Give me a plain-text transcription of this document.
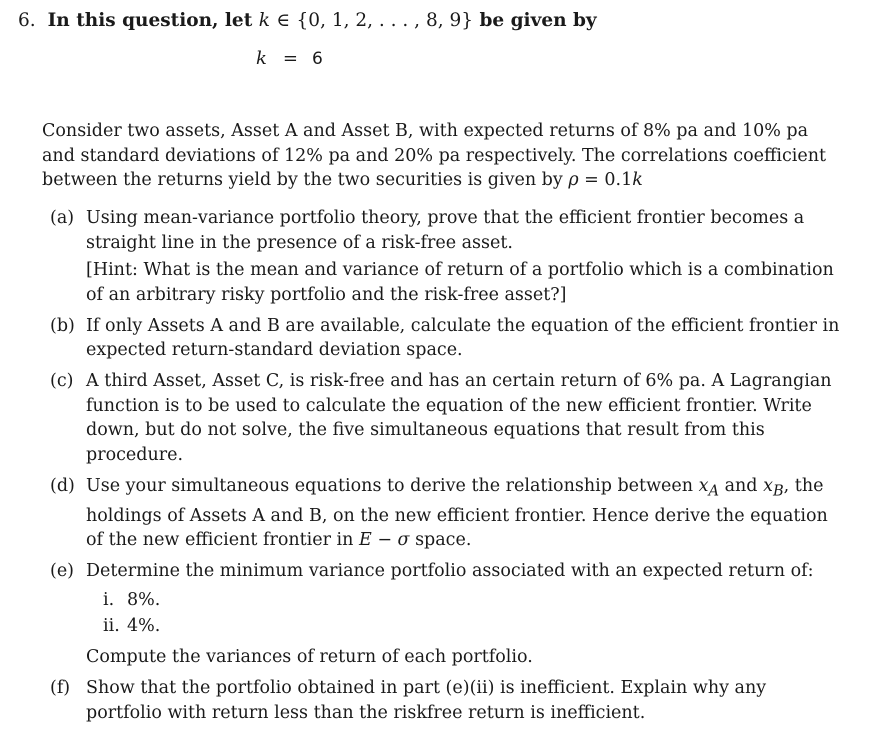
6. In this question, let k ∈ {0, 1, 2, . . . , 8, 9} be given by
k = 6

Consider two assets, Asset A and Asset B, with expected returns of 8% pa and 10% pa and standard deviations of 12% pa and 20% pa respectively. The correlations coefficient between the returns yield by the two securities is given by ρ = 0.1k

(a) Using mean-variance portfolio theory, prove that the efficient frontier becomes a straight line in the presence of a risk-free asset.
[Hint: What is the mean and variance of return of a portfolio which is a combination of an arbitrary risky portfolio and the risk-free asset?]
(b) If only Assets A and B are available, calculate the equation of the efficient frontier in expected return-standard deviation space.
(c) A third Asset, Asset C, is risk-free and has an certain return of 6% pa. A Lagrangian function is to be used to calculate the equation of the new efficient frontier. Write down, but do not solve, the five simultaneous equations that result from this procedure.
(d) Use your simultaneous equations to derive the relationship between $x_A$ and $x_B$, the holdings of Assets A and B, on the new efficient frontier. Hence derive the equation of the new efficient frontier in E − σ space.
(e) Determine the minimum variance portfolio associated with an expected return of:
i. 8%.
ii. 4%.
Compute the variances of return of each portfolio.
(f) Show that the portfolio obtained in part (e)(ii) is inefficient. Explain why any portfolio with return less than the riskfree return is inefficient.
